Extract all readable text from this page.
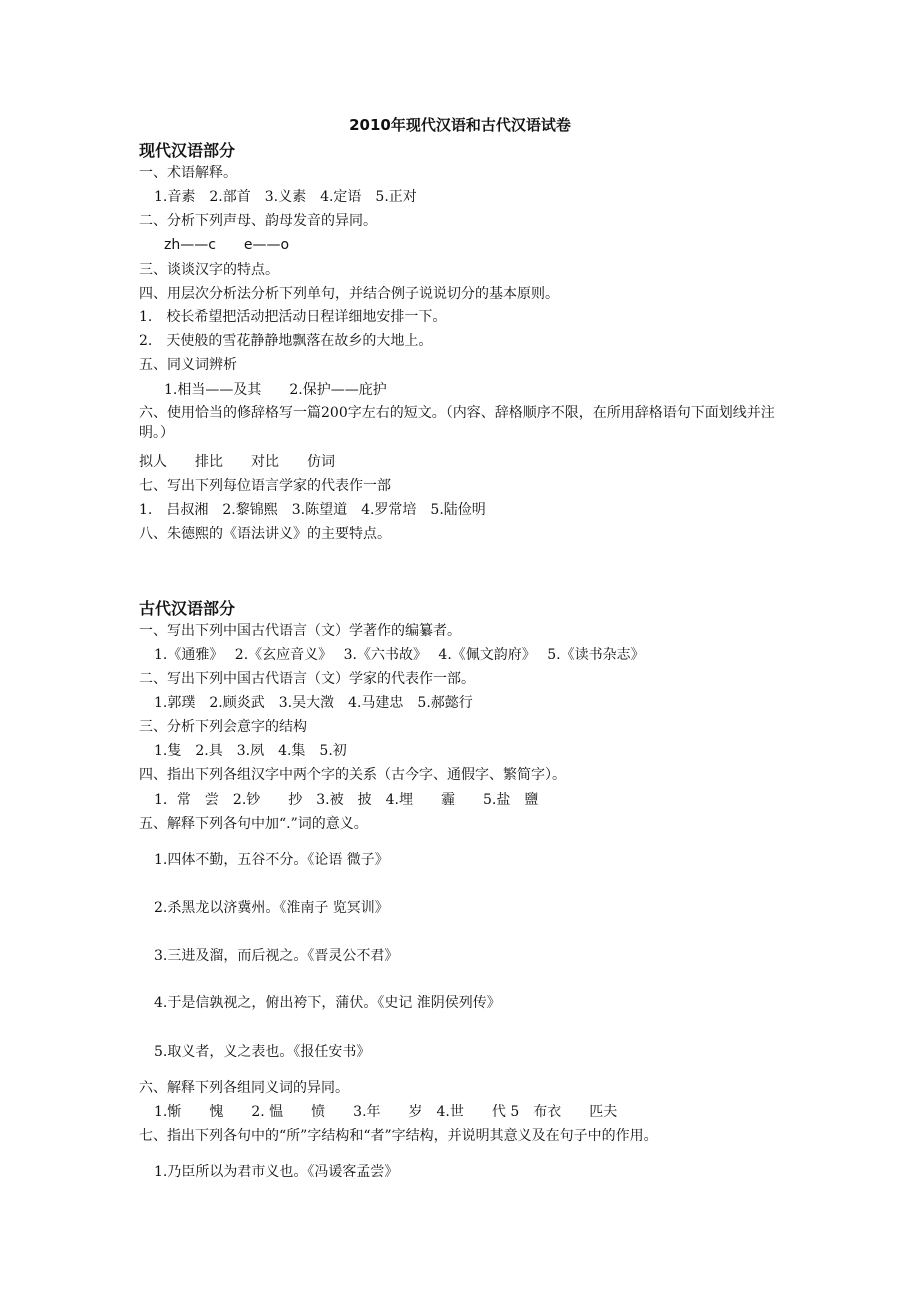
2010年现代汉语和古代汉语试卷
现代汉语部分
一、术语解释。
1.音素　2.部首　3.义素　4.定语　5.正对
二、分析下列声母、韵母发音的异同。
zh——c　　e——o
三、谈谈汉字的特点。
四、用层次分析法分析下列单句，并结合例子说说切分的基本原则。
1.　校长希望把活动把活动日程详细地安排一下。
2.　天使般的雪花静静地飘落在故乡的大地上。
五、同义词辨析
1.相当——及其　　2.保护——庇护
六、使用恰当的修辞格写一篇200字左右的短文。（内容、辞格顺序不限，在所用辞格语句下面划线并注明。）
拟人　　排比　　对比　　仿词
七、写出下列每位语言学家的代表作一部
1.　吕叔湘　2.黎锦熙　3.陈望道　4.罗常培　5.陆俭明
八、朱德熙的《语法讲义》的主要特点。
古代汉语部分
一、写出下列中国古代语言（文）学著作的编纂者。
1.《通雅》　 2.《玄应音义》　 3.《六书故》　 4.《佩文韵府》　 5.《读书杂志》
二、写出下列中国古代语言（文）学家的代表作一部。
1.郭璞　2.顾炎武　3.吴大澂　4.马建忠　5.郝懿行
三、分析下列会意字的结构
1.隻　2.具　3.夙　4.集　5.初
四、指出下列各组汉字中两个字的关系（古今字、通假字、繁简字）。
1．常　尝　2.钞　　抄　3.被　披　4.埋　　霾　　5.盐　鹽
五、解释下列各句中加“.”词的意义。
1.四体不勤，五谷不分。《论语 微子》
2.杀黑龙以济冀州。《淮南子 览冥训》
3.三进及溜，而后视之。《晋灵公不君》
4.于是信孰视之，俯出袴下，蒲伏。《史记 淮阴侯列传》
5.取义者，义之表也。《报任安书》
六、解释下列各组同义词的异同。
1.惭　　愧　　2. 愠　　愤　　3.年　　岁　4.世　　代 5　布衣　　匹夫
七、指出下列各句中的“所”字结构和“者”字结构，并说明其意义及在句子中的作用。
1.乃臣所以为君市义也。《冯谖客孟尝》
